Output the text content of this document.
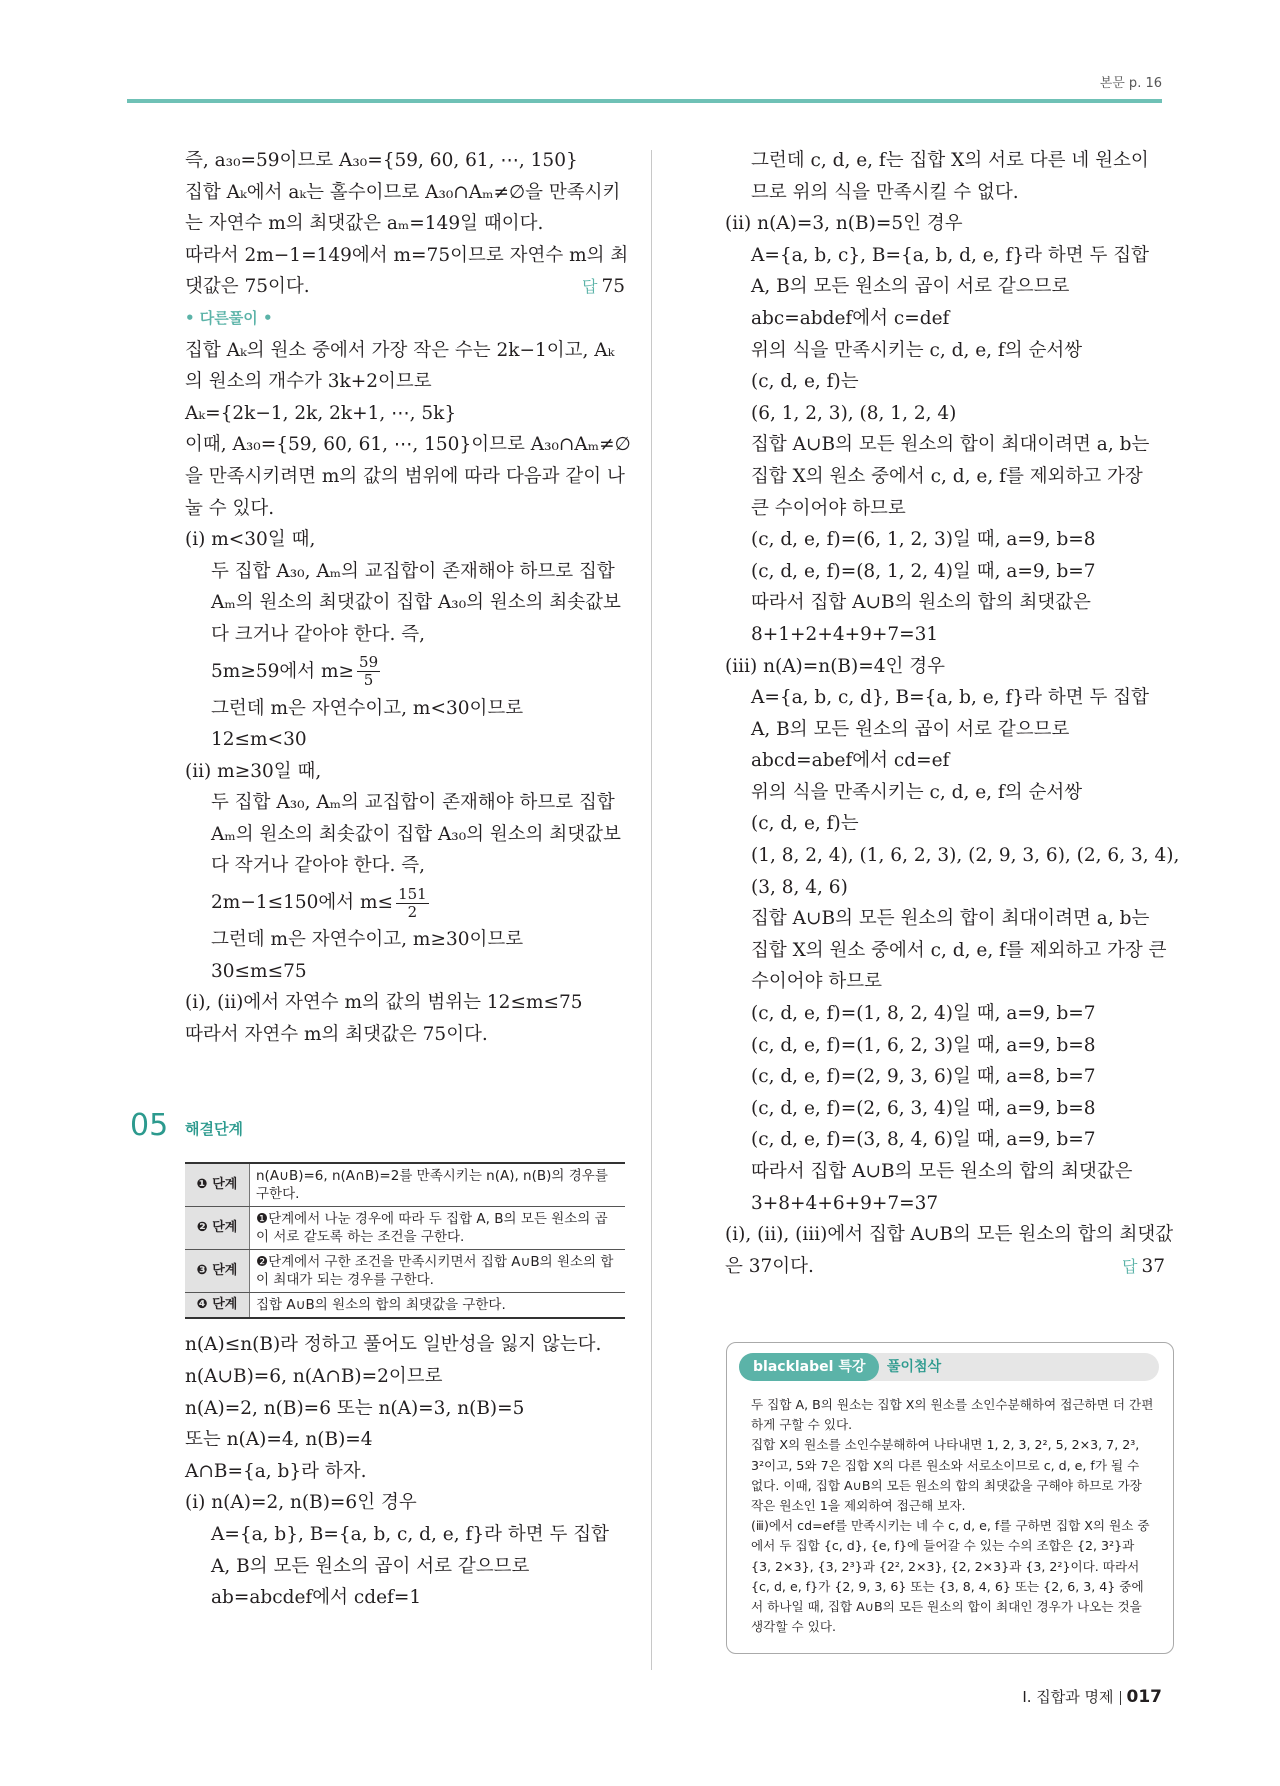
본문 p. 16
즉, a₃₀=59이므로 A₃₀={59, 60, 61, ⋯, 150}
집합 Aₖ에서 aₖ는 홀수이므로 A₃₀∩Aₘ≠∅을 만족시키
는 자연수 m의 최댓값은 aₘ=149일 때이다.
따라서 2m−1=149에서 m=75이므로 자연수 m의 최
댓값은 75이다.	답 75
• 다른풀이 •
집합 Aₖ의 원소 중에서 가장 작은 수는 2k−1이고, Aₖ
의 원소의 개수가 3k+2이므로
Aₖ={2k−1, 2k, 2k+1, ⋯, 5k}
이때, A₃₀={59, 60, 61, ⋯, 150}이므로 A₃₀∩Aₘ≠∅
을 만족시키려면 m의 값의 범위에 따라 다음과 같이 나
눌 수 있다.
(ⅰ) m<30일 때,
두 집합 A₃₀, Aₘ의 교집합이 존재해야 하므로 집합
Aₘ의 원소의 최댓값이 집합 A₃₀의 원소의 최솟값보
다 크거나 같아야 한다. 즉,
5m≥59에서 $m\ge \frac{59}{5}$
그런데 m은 자연수이고, m<30이므로
12≤m<30
(ⅱ) m≥30일 때,
두 집합 A₃₀, Aₘ의 교집합이 존재해야 하므로 집합
Aₘ의 원소의 최솟값이 집합 A₃₀의 원소의 최댓값보
다 작거나 같아야 한다. 즉,
2m−1≤150에서 $m\le \frac{151}{2}$
그런데 m은 자연수이고, m≥30이므로
30≤m≤75
(ⅰ), (ⅱ)에서 자연수 m의 값의 범위는 12≤m≤75
따라서 자연수 m의 최댓값은 75이다.
05 해결단계
❶ 단계	n(A∪B)=6, n(A∩B)=2를 만족시키는 n(A), n(B)의 경우를 구한다.
❷ 단계	❶단계에서 나눈 경우에 따라 두 집합 A, B의 모든 원소의 곱이 서로 같도록 하는 조건을 구한다.
❸ 단계	❷단계에서 구한 조건을 만족시키면서 집합 A∪B의 원소의 합이 최대가 되는 경우를 구한다.
❹ 단계	집합 A∪B의 원소의 합의 최댓값을 구한다.
n(A)≤n(B)라 정하고 풀어도 일반성을 잃지 않는다.
n(A∪B)=6, n(A∩B)=2이므로
n(A)=2, n(B)=6 또는 n(A)=3, n(B)=5
또는 n(A)=4, n(B)=4
A∩B={a, b}라 하자.
(ⅰ) n(A)=2, n(B)=6인 경우
A={a, b}, B={a, b, c, d, e, f}라 하면 두 집합
A, B의 모든 원소의 곱이 서로 같으므로
ab=abcdef에서 cdef=1
그런데 c, d, e, f는 집합 X의 서로 다른 네 원소이
므로 위의 식을 만족시킬 수 없다.
(ⅱ) n(A)=3, n(B)=5인 경우
A={a, b, c}, B={a, b, d, e, f}라 하면 두 집합
A, B의 모든 원소의 곱이 서로 같으므로
abc=abdef에서 c=def
위의 식을 만족시키는 c, d, e, f의 순서쌍
(c, d, e, f)는
(6, 1, 2, 3), (8, 1, 2, 4)
집합 A∪B의 모든 원소의 합이 최대이려면 a, b는
집합 X의 원소 중에서 c, d, e, f를 제외하고 가장
큰 수이어야 하므로
(c, d, e, f)=(6, 1, 2, 3)일 때, a=9, b=8
(c, d, e, f)=(8, 1, 2, 4)일 때, a=9, b=7
따라서 집합 A∪B의 원소의 합의 최댓값은
8+1+2+4+9+7=31
(ⅲ) n(A)=n(B)=4인 경우
A={a, b, c, d}, B={a, b, e, f}라 하면 두 집합
A, B의 모든 원소의 곱이 서로 같으므로
abcd=abef에서 cd=ef
위의 식을 만족시키는 c, d, e, f의 순서쌍
(c, d, e, f)는
(1, 8, 2, 4), (1, 6, 2, 3), (2, 9, 3, 6), (2, 6, 3, 4),
(3, 8, 4, 6)
집합 A∪B의 모든 원소의 합이 최대이려면 a, b는
집합 X의 원소 중에서 c, d, e, f를 제외하고 가장 큰
수이어야 하므로
(c, d, e, f)=(1, 8, 2, 4)일 때, a=9, b=7
(c, d, e, f)=(1, 6, 2, 3)일 때, a=9, b=8
(c, d, e, f)=(2, 9, 3, 6)일 때, a=8, b=7
(c, d, e, f)=(2, 6, 3, 4)일 때, a=9, b=8
(c, d, e, f)=(3, 8, 4, 6)일 때, a=9, b=7
따라서 집합 A∪B의 모든 원소의 합의 최댓값은
3+8+4+6+9+7=37
(ⅰ), (ⅱ), (ⅲ)에서 집합 A∪B의 모든 원소의 합의 최댓값
은 37이다.	답 37
blacklabel 특강	풀이첨삭
두 집합 A, B의 원소는 집합 X의 원소를 소인수분해하여 접근하면 더 간편하게 구할 수 있다.
집합 X의 원소를 소인수분해하여 나타내면 1, 2, 3, 2², 5, 2×3, 7, 2³, 3²이고, 5와 7은 집합 X의 다른 원소와 서로소이므로 c, d, e, f가 될 수 없다. 이때, 집합 A∪B의 모든 원소의 합의 최댓값을 구해야 하므로 가장 작은 원소인 1을 제외하여 접근해 보자.
(ⅲ)에서 cd=ef를 만족시키는 네 수 c, d, e, f를 구하면 집합 X의 원소 중에서 두 집합 {c, d}, {e, f}에 들어갈 수 있는 수의 조합은 {2, 3²}과 {3, 2×3}, {3, 2³}과 {2², 2×3}, {2, 2×3}과 {3, 2²}이다. 따라서 {c, d, e, f}가 {2, 9, 3, 6} 또는 {3, 8, 4, 6} 또는 {2, 6, 3, 4} 중에서 하나일 때, 집합 A∪B의 모든 원소의 합이 최대인 경우가 나오는 것을 생각할 수 있다.
Ⅰ. 집합과 명제 017
